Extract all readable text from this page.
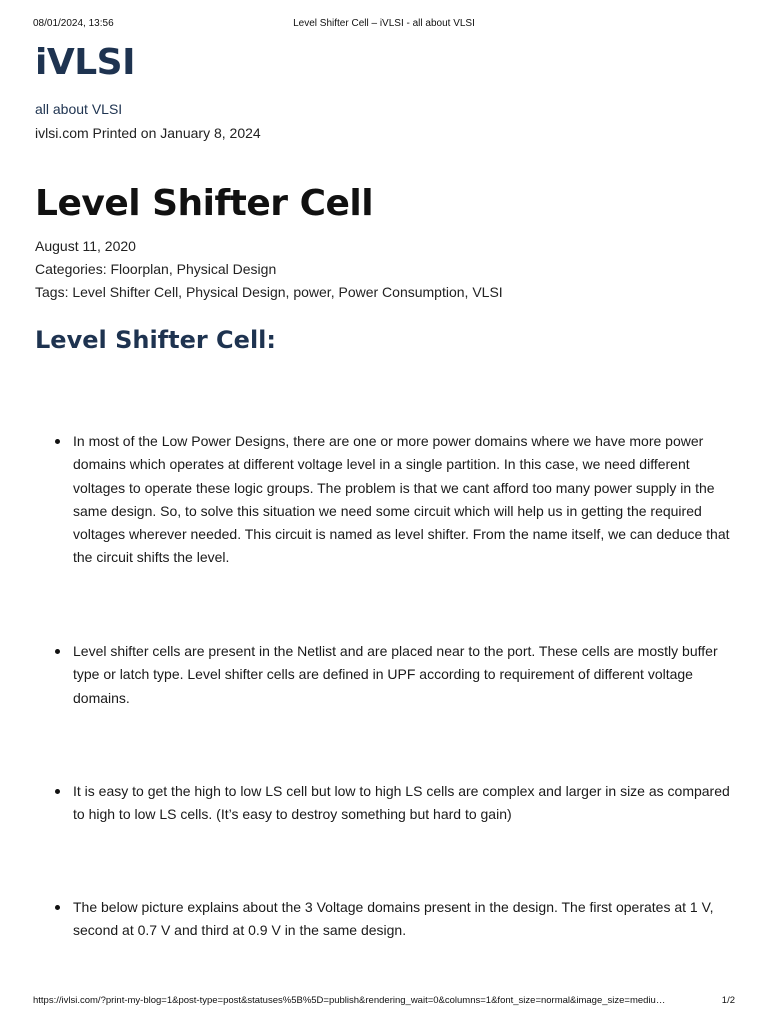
08/01/2024, 13:56	Level Shifter Cell – iVLSI - all about VLSI
iVLSI
all about VLSI
ivlsi.com Printed on January 8, 2024
Level Shifter Cell
August 11, 2020
Categories: Floorplan, Physical Design
Tags: Level Shifter Cell, Physical Design, power, Power Consumption, VLSI
Level Shifter Cell:
In most of the Low Power Designs, there are one or more power domains where we have more power domains which operates at different voltage level in a single partition. In this case, we need different voltages to operate these logic groups. The problem is that we cant afford too many power supply in the same design. So, to solve this situation we need some circuit which will help us in getting the required voltages wherever needed. This circuit is named as level shifter. From the name itself, we can deduce that the circuit shifts the level.
Level shifter cells are present in the Netlist and are placed near to the port. These cells are mostly buffer type or latch type. Level shifter cells are defined in UPF according to requirement of different voltage domains.
It is easy to get the high to low LS cell but low to high LS cells are complex and larger in size as compared to high to low LS cells. (It’s easy to destroy something but hard to gain)
The below picture explains about the 3 Voltage domains present in the design. The first operates at 1 V, second at 0.7 V and third at 0.9 V in the same design.
https://ivlsi.com/?print-my-blog=1&post-type=post&statuses%5B%5D=publish&rendering_wait=0&columns=1&font_size=normal&image_size=mediu…	1/2
